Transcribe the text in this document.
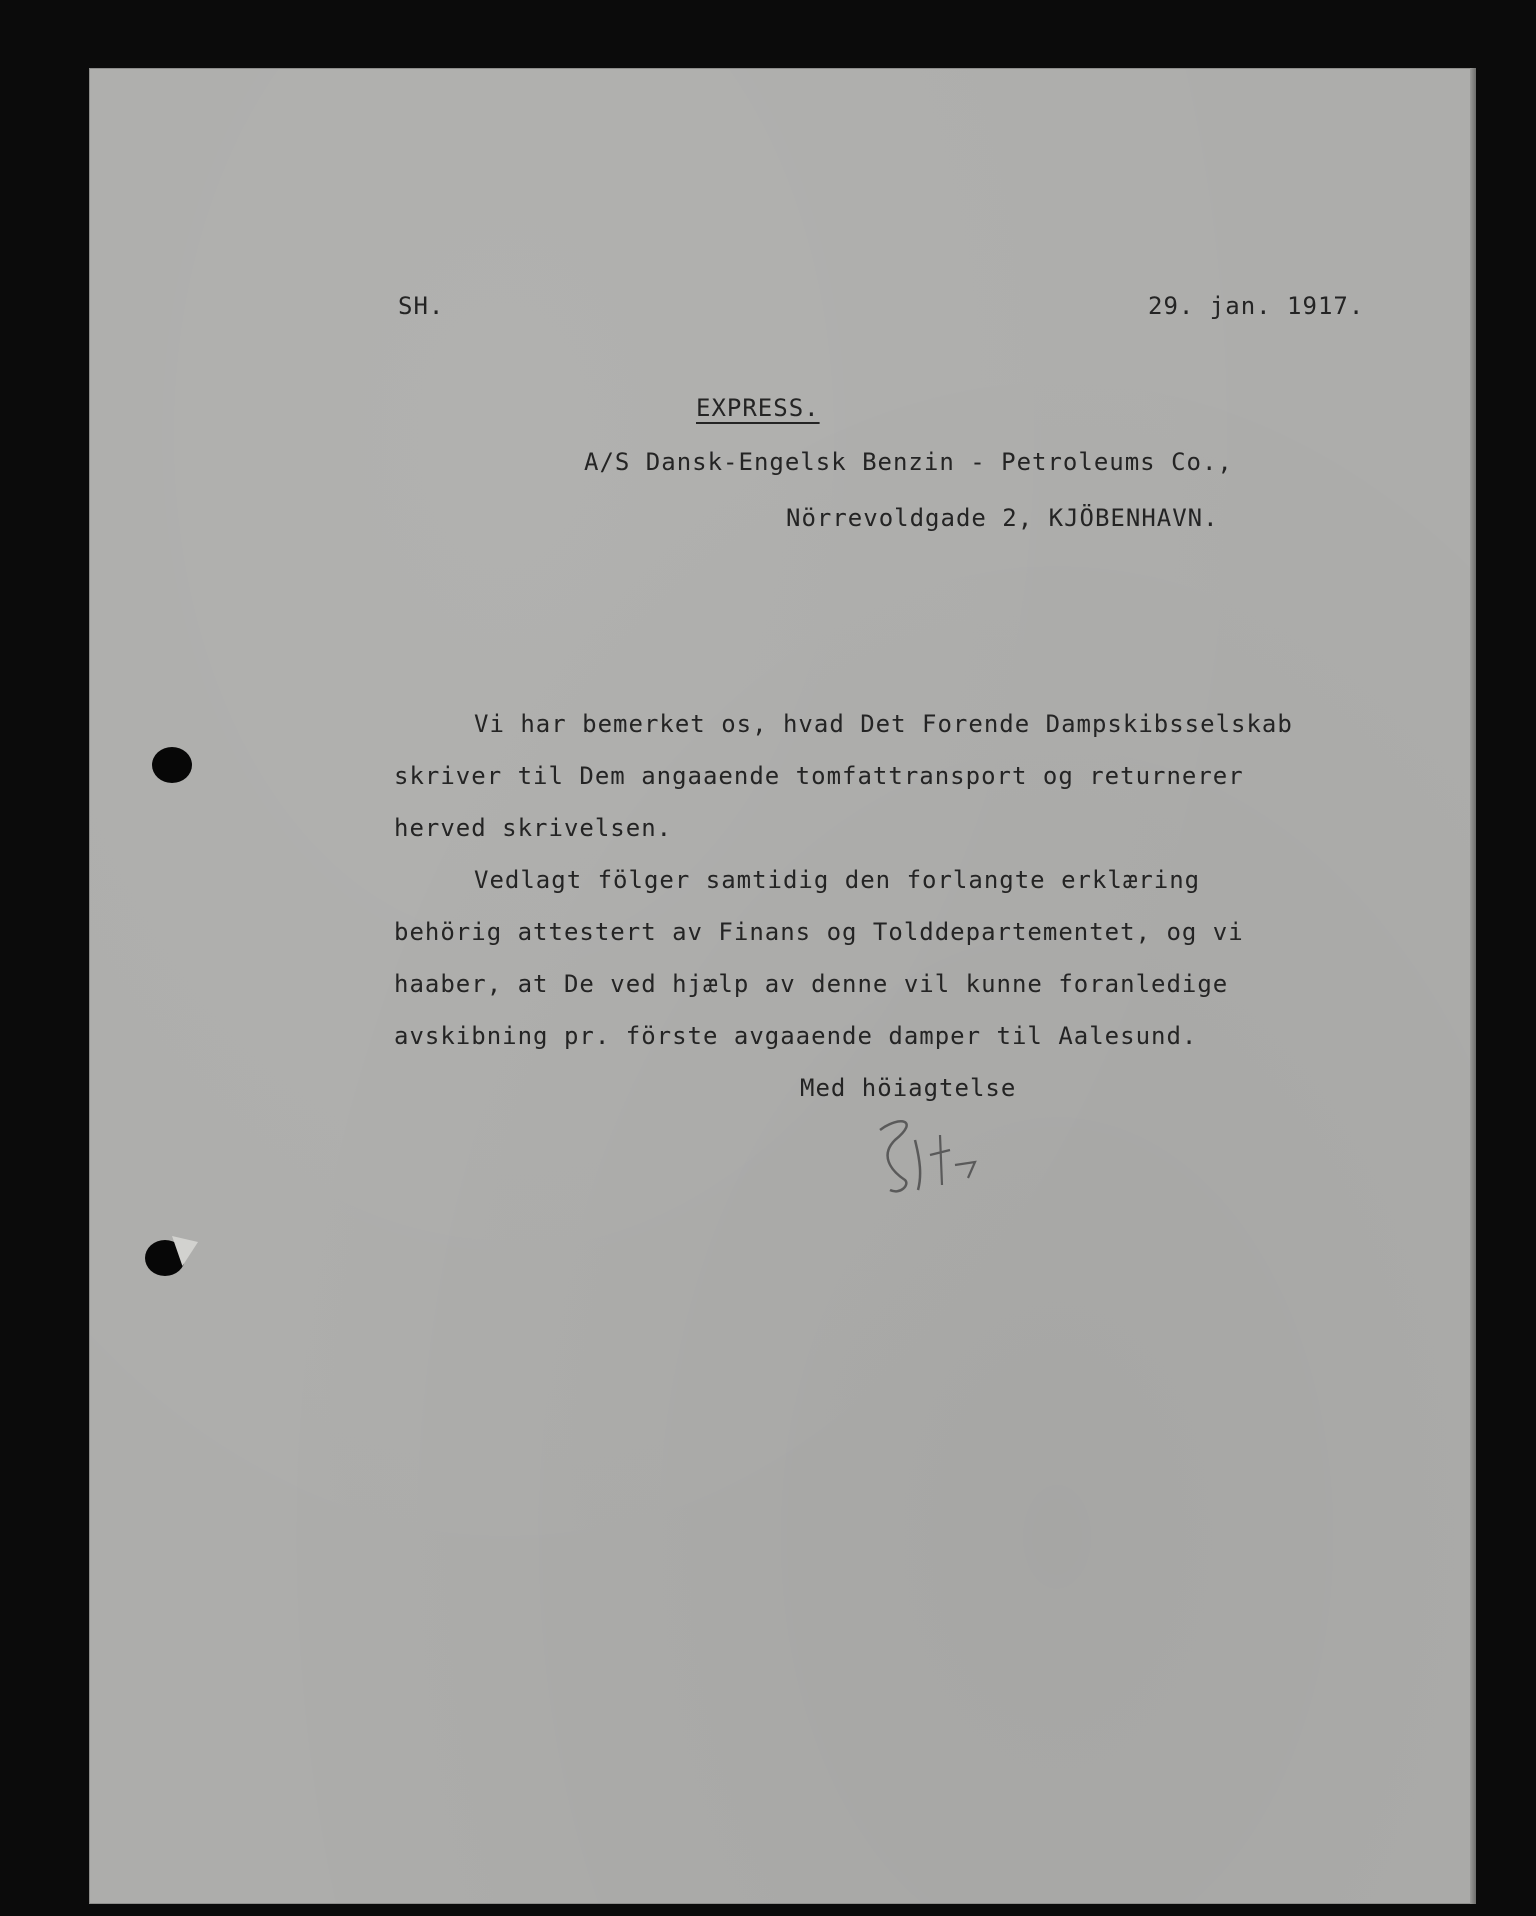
SH.	29. jan. 1917.
EXPRESS.
A/S Dansk-Engelsk Benzin - Petroleums Co.,
Nörrevoldgade 2, KJÖBENHAVN.
Vi har bemerket os, hvad Det Forende Dampskibsselskab
skriver til Dem angaaende tomfattransport og returnerer
herved skrivelsen.
Vedlagt fölger samtidig den forlangte erklæring
behörig attestert av Finans og Tolddepartementet, og vi
haaber, at De ved hjælp av denne vil kunne foranledige
avskibning pr. förste avgaaende damper til Aalesund.
Med höiagtelse
